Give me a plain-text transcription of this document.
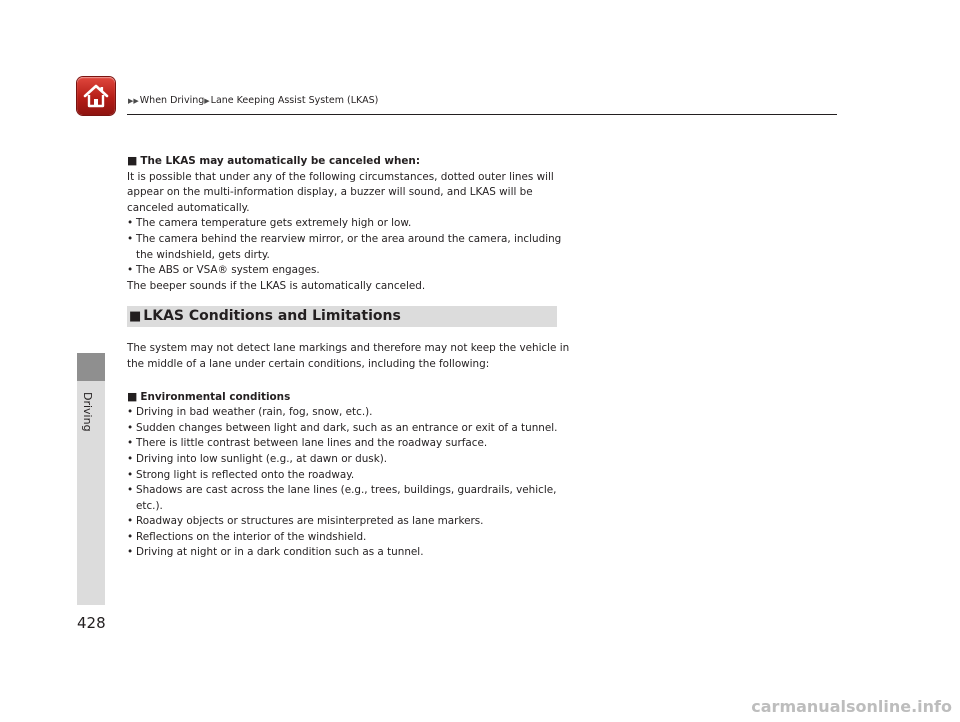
▶▶When Driving▶Lane Keeping Assist System (LKAS)
Driving
428
■ The LKAS may automatically be canceled when:
It is possible that under any of the following circumstances, dotted outer lines will
appear on the multi-information display, a buzzer will sound, and LKAS will be
canceled automatically.
• The camera temperature gets extremely high or low.
• The camera behind the rearview mirror, or the area around the camera, including
the windshield, gets dirty.
• The ABS or VSA® system engages.
The beeper sounds if the LKAS is automatically canceled.
■ LKAS Conditions and Limitations
The system may not detect lane markings and therefore may not keep the vehicle in
the middle of a lane under certain conditions, including the following:
■ Environmental conditions
• Driving in bad weather (rain, fog, snow, etc.).
• Sudden changes between light and dark, such as an entrance or exit of a tunnel.
• There is little contrast between lane lines and the roadway surface.
• Driving into low sunlight (e.g., at dawn or dusk).
• Strong light is reflected onto the roadway.
• Shadows are cast across the lane lines (e.g., trees, buildings, guardrails, vehicle,
etc.).
• Roadway objects or structures are misinterpreted as lane markers.
• Reflections on the interior of the windshield.
• Driving at night or in a dark condition such as a tunnel.
carmanualsonline.info
